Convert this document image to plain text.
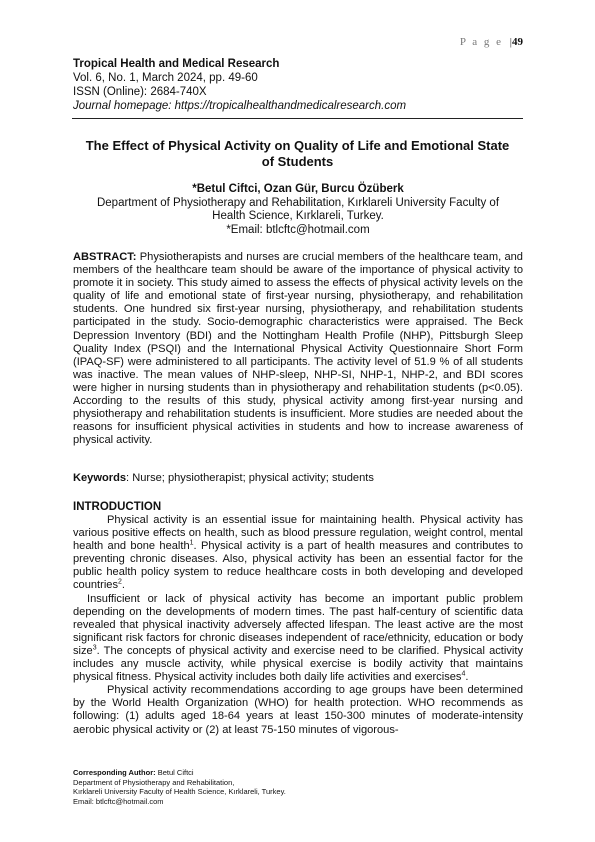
P a g e |49
Tropical Health and Medical Research
Vol. 6, No. 1, March 2024, pp. 49-60
ISSN (Online): 2684-740X
Journal homepage: https://tropicalhealthandmedicalresearch.com
The Effect of Physical Activity on Quality of Life and Emotional State of Students
*Betul Ciftci, Ozan Gür, Burcu Özüberk
Department of Physiotherapy and Rehabilitation, Kırklareli University Faculty of
Health Science, Kırklareli, Turkey.
*Email: btlcftc@hotmail.com
ABSTRACT: Physiotherapists and nurses are crucial members of the healthcare team, and members of the healthcare team should be aware of the importance of physical activity to promote it in society. This study aimed to assess the effects of physical activity levels on the quality of life and emotional state of first-year nursing, physiotherapy, and rehabilitation students. One hundred six first-year nursing, physiotherapy, and rehabilitation students participated in the study. Socio-demographic characteristics were appraised. The Beck Depression Inventory (BDI) and the Nottingham Health Profile (NHP), Pittsburgh Sleep Quality Index (PSQI) and the International Physical Activity Questionnaire Short Form (IPAQ-SF) were administered to all participants. The activity level of 51.9 % of all students was inactive. The mean values of NHP-sleep, NHP-SI, NHP-1, NHP-2, and BDI scores were higher in nursing students than in physiotherapy and rehabilitation students (p<0.05). According to the results of this study, physical activity among first-year nursing and physiotherapy and rehabilitation students is insufficient. More studies are needed about the reasons for insufficient physical activities in students and how to increase awareness of physical activity.
Keywords: Nurse; physiotherapist; physical activity; students
INTRODUCTION

Physical activity is an essential issue for maintaining health. Physical activity has various positive effects on health, such as blood pressure regulation, weight control, mental health and bone health$^1$. Physical activity is a part of health measures and contributes to preventing chronic diseases. Also, physical activity has been an essential factor for the public health policy system to reduce healthcare costs in both developing and developed countries$^2$.

Insufficient or lack of physical activity has become an important public problem depending on the developments of modern times. The past half-century of scientific data revealed that physical inactivity adversely affected lifespan. The least active are the most significant risk factors for chronic diseases independent of race/ethnicity, education or body size$^3$. The concepts of physical activity and exercise need to be clarified. Physical activity includes any muscle activity, while physical exercise is bodily activity that maintains physical fitness. Physical activity includes both daily life activities and exercises$^4$.

Physical activity recommendations according to age groups have been determined by the World Health Organization (WHO) for health protection. WHO recommends as following: (1) adults aged 18-64 years at least 150-300 minutes of moderate-intensity aerobic physical activity or (2) at least 75-150 minutes of vigorous-

Corresponding Author: Betul Ciftci
Department of Physiotherapy and Rehabilitation,
Kırklareli University Faculty of Health Science, Kırklareli, Turkey.
Email: btlcftc@hotmail.com
